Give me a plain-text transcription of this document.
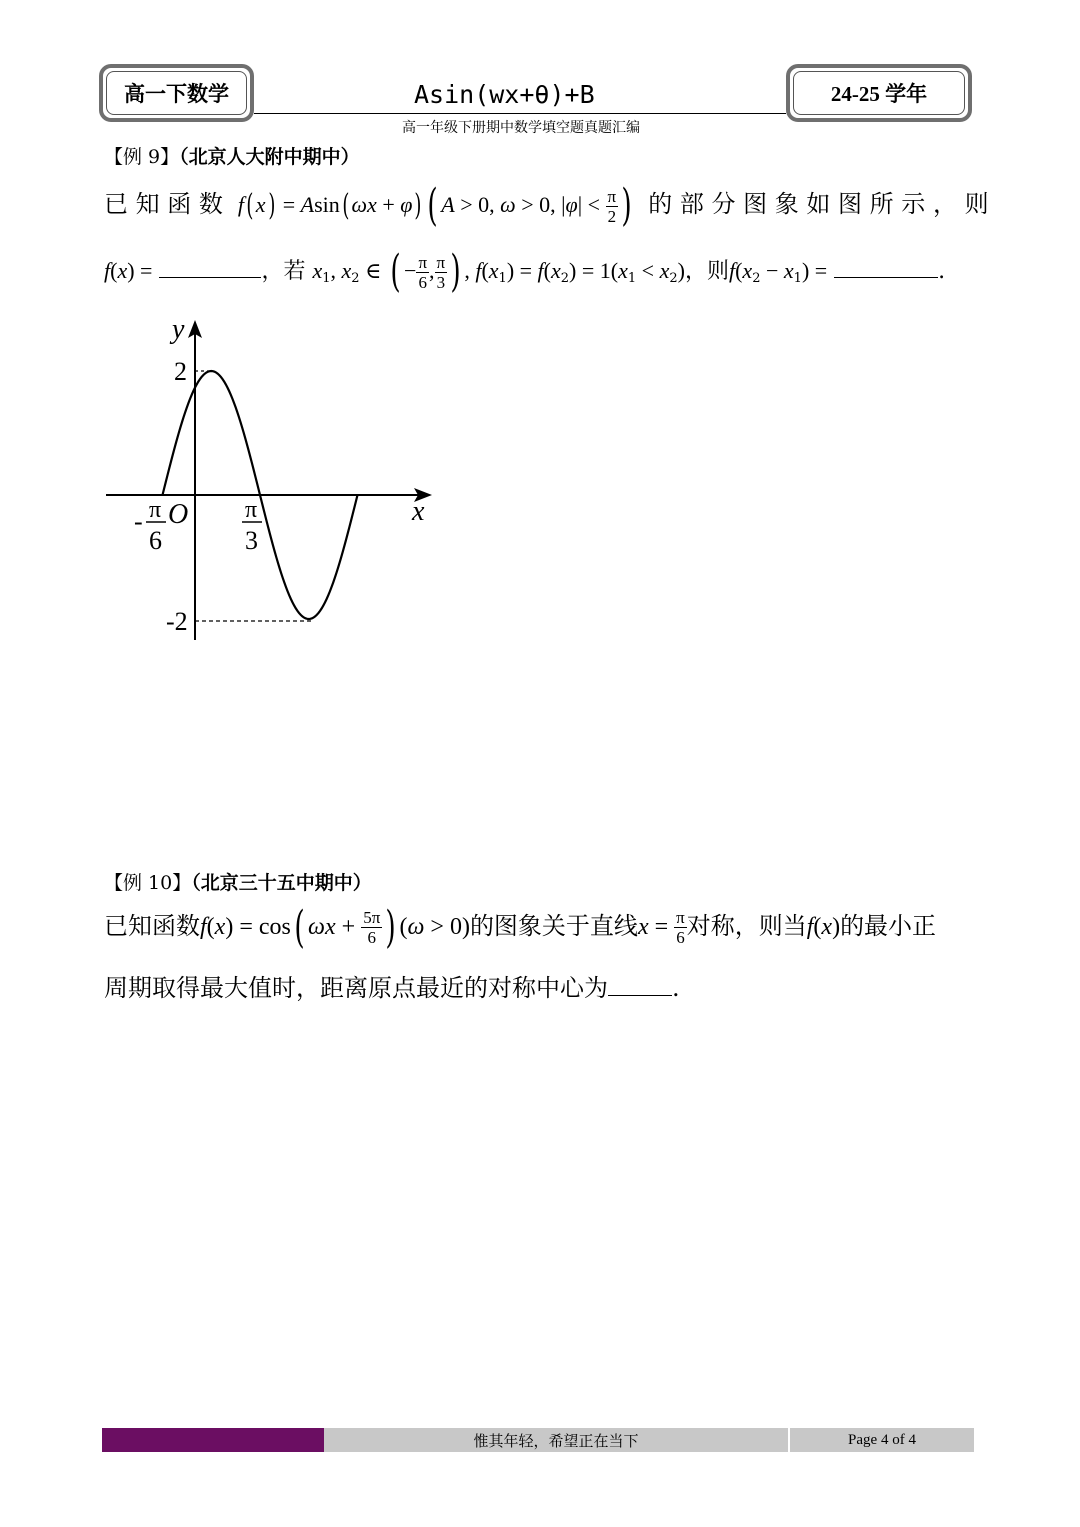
高一下数学	Asin(wx+θ)+B
高一年级下册期中数学填空题真题汇编
24-25 学年
【例 9】（北京人大附中期中）
已 知 函 数 f( x) = Asin( ωx + φ) ( A > 0, ω > 0, $|\varphi| < \frac{\pi}{2}$ ) 的 部 分 图 象 如 图 所 示 ， 则
f(x) =	，若 $x_1$, $x_2$ ∈ ( − $\frac{\pi}{6}$ , $\frac{\pi}{3}$ ) , $f(x_1) = f(x_2) = 1(x_1 < x_2)$，则$f(x_2 - x_1)$ =	.
y
2
-2
O	x
- π
6
π
3
【例 10】（北京三十五中期中）
已知函数f(x) = cos( $\omega x + \frac{5\pi}{6}$ ) (ω > 0)的图象关于直线$x = \frac{\pi}{6}$ 对称，则当f(x)的最小正
周期取得最大值时，距离原点最近的对称中心为	.
惟其年轻，希望正在当下	Page 4 of 4
